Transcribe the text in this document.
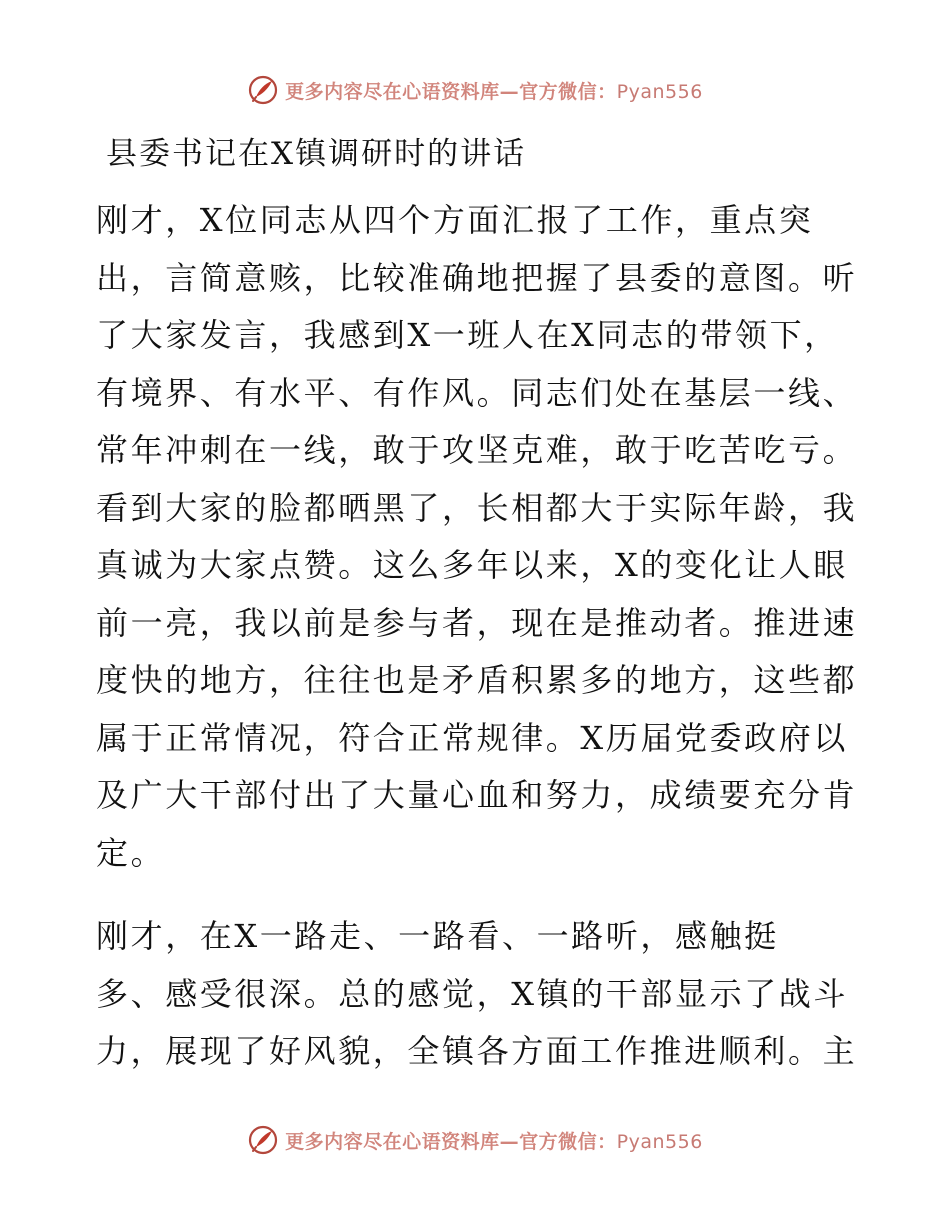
更多内容尽在心语资料库—官方微信：Pyan556
县委书记在X镇调研时的讲话

刚才，X位同志从四个方面汇报了工作，重点突
出，言简意赅，比较准确地把握了县委的意图。听
了大家发言，我感到X一班人在X同志的带领下，
有境界、有水平、有作风。同志们处在基层一线、
常年冲刺在一线，敢于攻坚克难，敢于吃苦吃亏。
看到大家的脸都晒黑了，长相都大于实际年龄，我
真诚为大家点赞。这么多年以来，X的变化让人眼
前一亮，我以前是参与者，现在是推动者。推进速
度快的地方，往往也是矛盾积累多的地方，这些都
属于正常情况，符合正常规律。X历届党委政府以
及广大干部付出了大量心血和努力，成绩要充分肯
定。

刚才，在X一路走、一路看、一路听，感触挺
多、感受很深。总的感觉，X镇的干部显示了战斗
力，展现了好风貌，全镇各方面工作推进顺利。主

更多内容尽在心语资料库—官方微信：Pyan556
